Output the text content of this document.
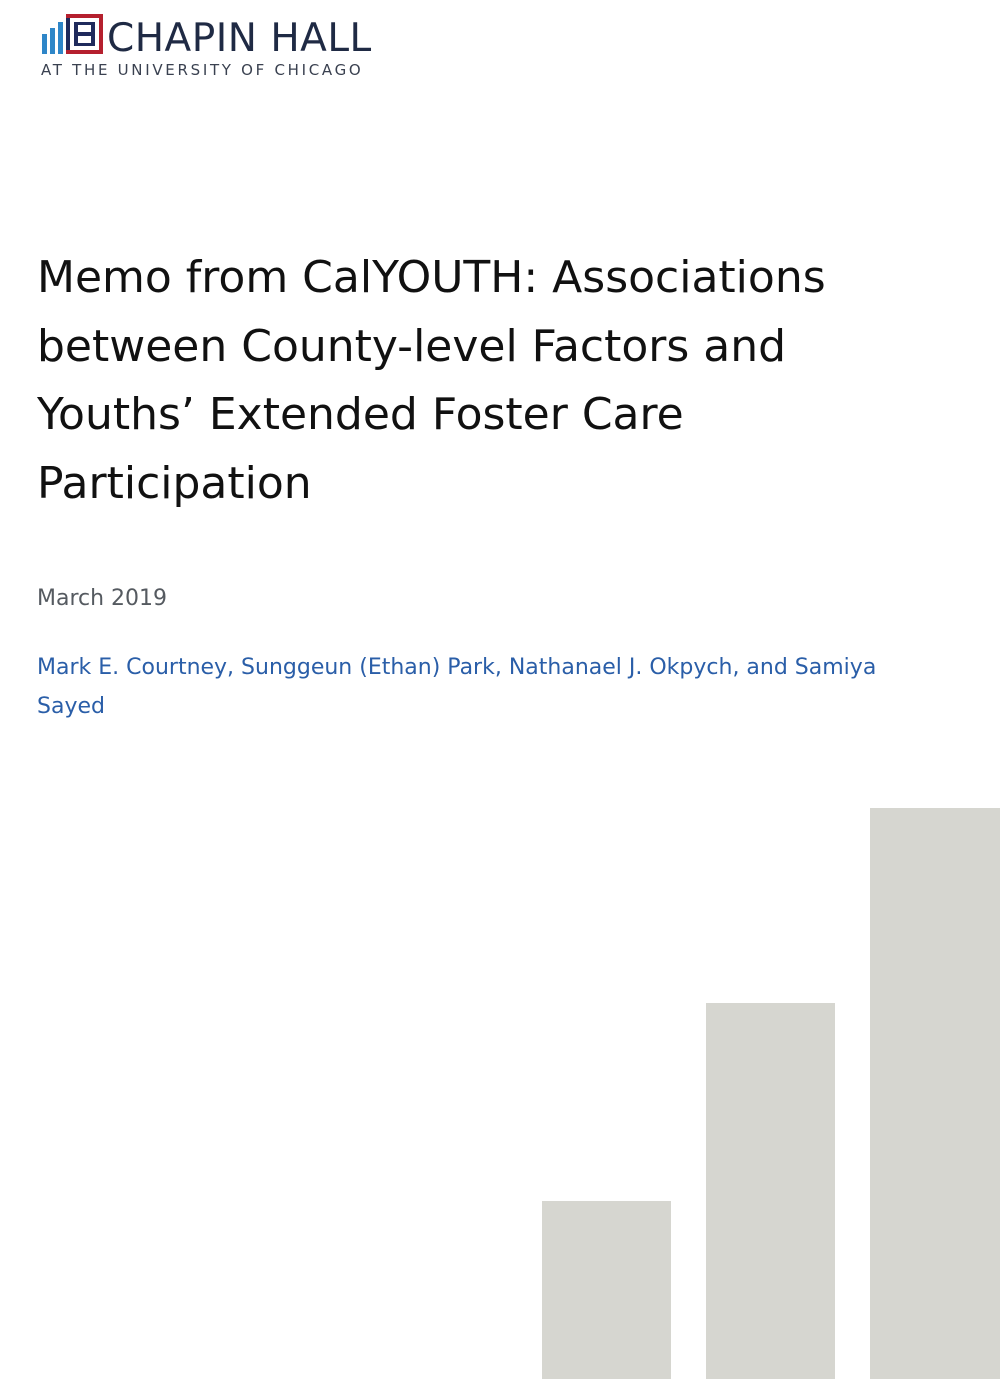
CHAPIN HALL
AT THE UNIVERSITY OF CHICAGO
Memo from CalYOUTH: Associations between County-level Factors and Youths’ Extended Foster Care Participation
March 2019
Mark E. Courtney, Sunggeun (Ethan) Park, Nathanael J. Okpych, and Samiya Sayed
